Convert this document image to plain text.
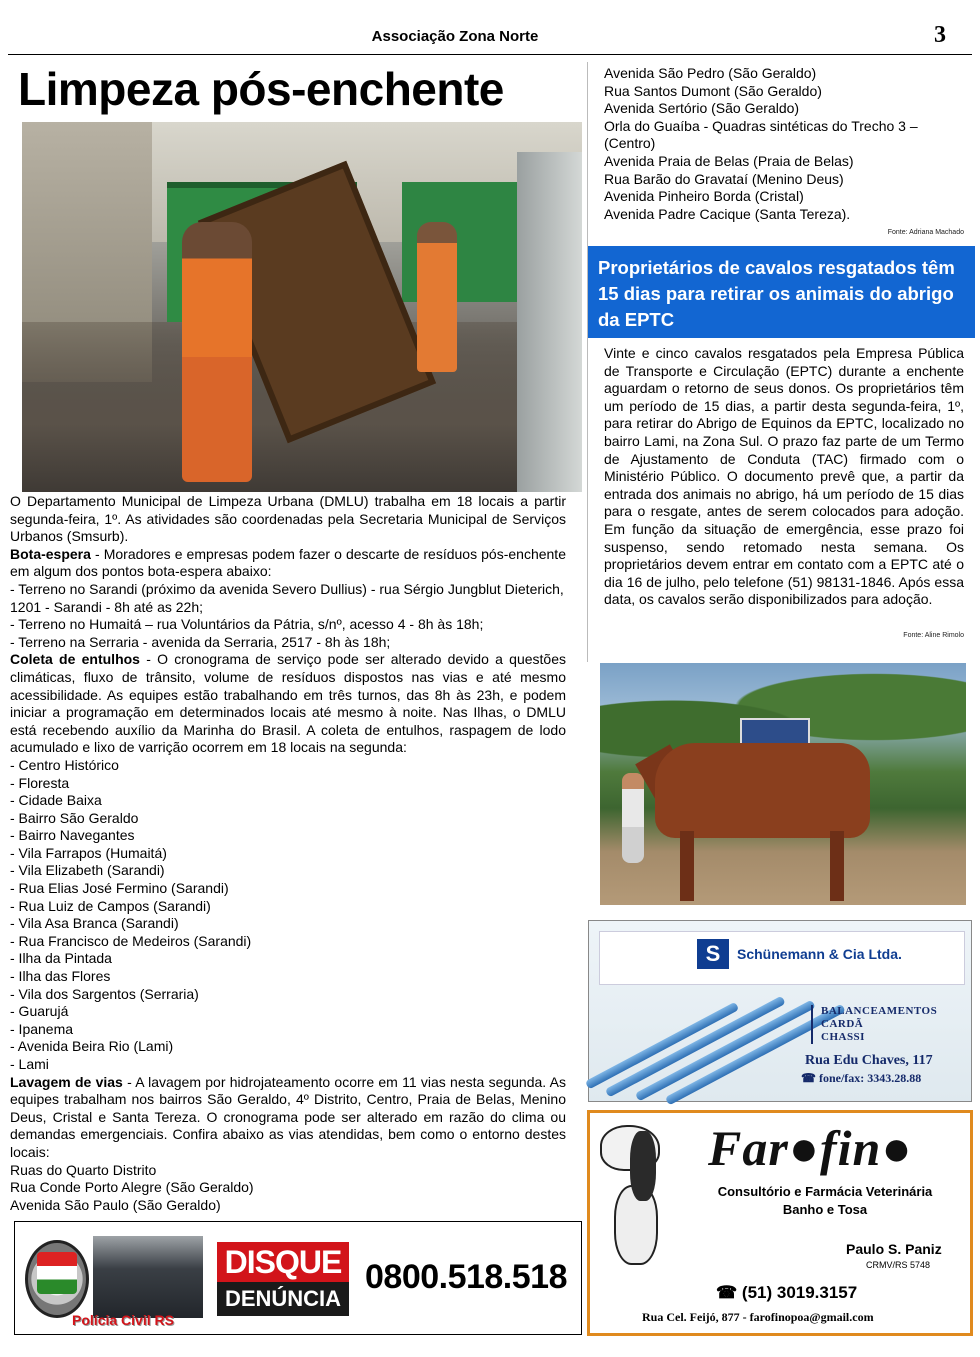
Associação Zona Norte	3
Limpeza pós-enchente

O Departamento Municipal de Limpeza Urbana (DMLU) trabalha em 18 locais a partir segunda-feira, 1º. As atividades são coordenadas pela Secretaria Municipal de Serviços Urbanos (Smsurb).

Bota-espera - Moradores e empresas podem fazer o descarte de resíduos pós-enchente em algum dos pontos bota-espera abaixo:

- Terreno no Sarandi (próximo da avenida Severo Dullius) - rua Sérgio Jungblut Dieterich, 1201 - Sarandi - 8h até as 22h;
- Terreno no Humaitá – rua Voluntários da Pátria, s/nº, acesso 4 - 8h às 18h;
- Terreno na Serraria - avenida da Serraria, 2517 - 8h às 18h;

Coleta de entulhos - O cronograma de serviço pode ser alterado devido a questões climáticas, fluxo de trânsito, volume de resíduos dispostos nas vias e até mesmo acessibilidade. As equipes estão trabalhando em três turnos, das 8h às 23h, e podem iniciar a programação em determinados locais até mesmo à noite. Nas Ilhas, o DMLU está recebendo auxílio da Marinha do Brasil. A coleta de entulhos, raspagem de lodo acumulado e lixo de varrição ocorrem em 18 locais na segunda:

- Centro Histórico
- Floresta
- Cidade Baixa
- Bairro São Geraldo
- Bairro Navegantes
- Vila Farrapos (Humaitá)
- Vila Elizabeth (Sarandi)
- Rua Elias José Fermino (Sarandi)
- Rua Luiz de Campos (Sarandi)
- Vila Asa Branca (Sarandi)
- Rua Francisco de Medeiros (Sarandi)
- Ilha da Pintada
- Ilha das Flores
- Vila dos Sargentos (Serraria)
- Guarujá
- Ipanema
- Avenida Beira Rio (Lami)
- Lami

Lavagem de vias - A lavagem por hidrojateamento ocorre em 11 vias nesta segunda. As equipes trabalham nos bairros São Geraldo, 4º Distrito, Centro, Praia de Belas, Menino Deus, Cristal e Santa Tereza. O cronograma pode ser alterado em razão do clima ou demandas emergenciais. Confira abaixo as vias atendidas, bem como o entorno destes locais:

Ruas do Quarto Distrito
Rua Conde Porto Alegre (São Geraldo)
Avenida São Paulo (São Geraldo)
Polícia Civil RS
DISQUE
DENÚNCIA
0800.518.518
Avenida São Pedro (São Geraldo)
Rua Santos Dumont (São Geraldo)
Avenida Sertório (São Geraldo)
Orla do Guaíba - Quadras sintéticas do Trecho 3 – (Centro)
Avenida Praia de Belas (Praia de Belas)
Rua Barão do Gravataí (Menino Deus)
Avenida Pinheiro Borda (Cristal)
Avenida Padre Cacique (Santa Tereza).
Fonte: Adriana Machado
Proprietários de cavalos resgatados têm 15 dias para retirar os animais do abrigo da EPTC
Vinte e cinco cavalos resgatados pela Empresa Pública de Transporte e Circulação (EPTC) durante a enchente aguardam o retorno de seus donos. Os proprietários têm um período de 15 dias, a partir desta segunda-feira, 1º, para retirar do Abrigo de Equinos da EPTC, localizado no bairro Lami, na Zona Sul. O prazo faz parte de um Termo de Ajustamento de Conduta (TAC) firmado com o Ministério Público. O documento prevê que, a partir da entrada dos animais no abrigo, há um período de 15 dias para o resgate, antes de serem colocados para adoção. Em função da situação de emergência, esse prazo foi suspenso, sendo retomado nesta semana. Os proprietários devem entrar em contato com a EPTC até o dia 16 de julho, pelo telefone (51) 98131-1846. Após essa data, os cavalos serão disponibilizados para adoção.
Fonte: Aline Rimolo
S	Schünemann & Cia Ltda.
BALANCEAMENTOS
CARDÃ
CHASSI
Rua Edu Chaves, 117
☎ fone/fax: 3343.28.88
Far●fin●
Consultório e Farmácia Veterinária
Banho e Tosa
Paulo S. Paniz
CRMV/RS 5748
☎ (51) 3019.3157
Rua Cel. Feijó, 877 - farofinopoa@gmail.com
